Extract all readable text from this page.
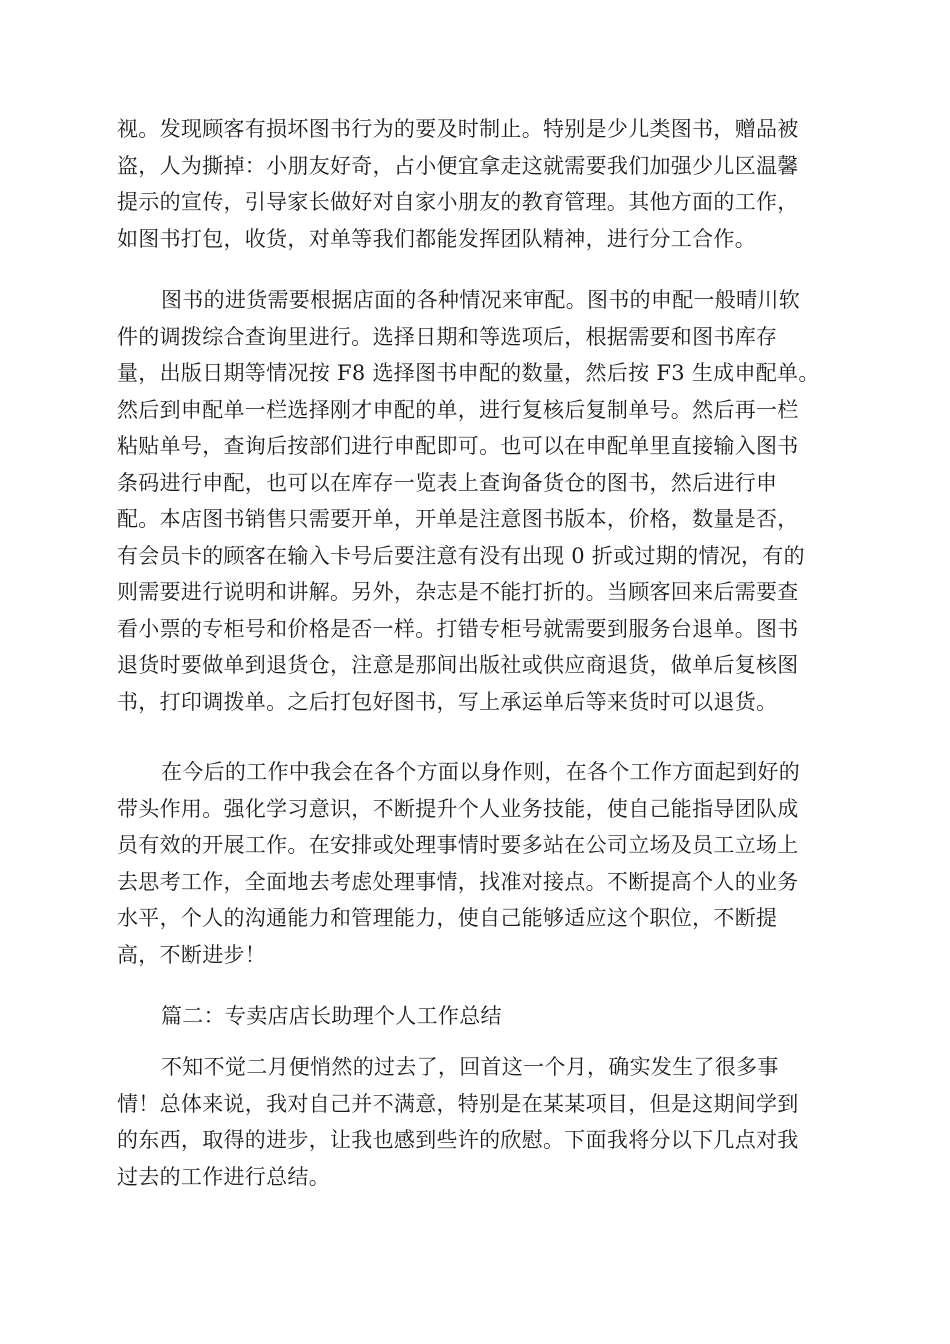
视。发现顾客有损坏图书行为的要及时制止。特别是少儿类图书，赠品被
盗，人为撕掉：小朋友好奇，占小便宜拿走这就需要我们加强少儿区温馨
提示的宣传，引导家长做好对自家小朋友的教育管理。其他方面的工作，
如图书打包，收货，对单等我们都能发挥团队精神，进行分工合作。
图书的进货需要根据店面的各种情况来审配。图书的申配一般晴川软
件的调拨综合查询里进行。选择日期和等选项后，根据需要和图书库存
量，出版日期等情况按 F8 选择图书申配的数量，然后按 F3 生成申配单。
然后到申配单一栏选择刚才申配的单，进行复核后复制单号。然后再一栏
粘贴单号，查询后按部们进行申配即可。也可以在申配单里直接输入图书
条码进行申配，也可以在库存一览表上查询备货仓的图书，然后进行申
配。本店图书销售只需要开单，开单是注意图书版本，价格，数量是否，
有会员卡的顾客在输入卡号后要注意有没有出现 0 折或过期的情况，有的
则需要进行说明和讲解。另外，杂志是不能打折的。当顾客回来后需要查
看小票的专柜号和价格是否一样。打错专柜号就需要到服务台退单。图书
退货时要做单到退货仓，注意是那间出版社或供应商退货，做单后复核图
书，打印调拨单。之后打包好图书，写上承运单后等来货时可以退货。
在今后的工作中我会在各个方面以身作则，在各个工作方面起到好的
带头作用。强化学习意识，不断提升个人业务技能，使自己能指导团队成
员有效的开展工作。在安排或处理事情时要多站在公司立场及员工立场上
去思考工作，全面地去考虑处理事情，找准对接点。不断提高个人的业务
水平，个人的沟通能力和管理能力，使自己能够适应这个职位，不断提
高，不断进步！
篇二：专卖店店长助理个人工作总结
不知不觉二月便悄然的过去了，回首这一个月，确实发生了很多事
情！总体来说，我对自己并不满意，特别是在某某项目，但是这期间学到
的东西，取得的进步，让我也感到些许的欣慰。下面我将分以下几点对我
过去的工作进行总结。
